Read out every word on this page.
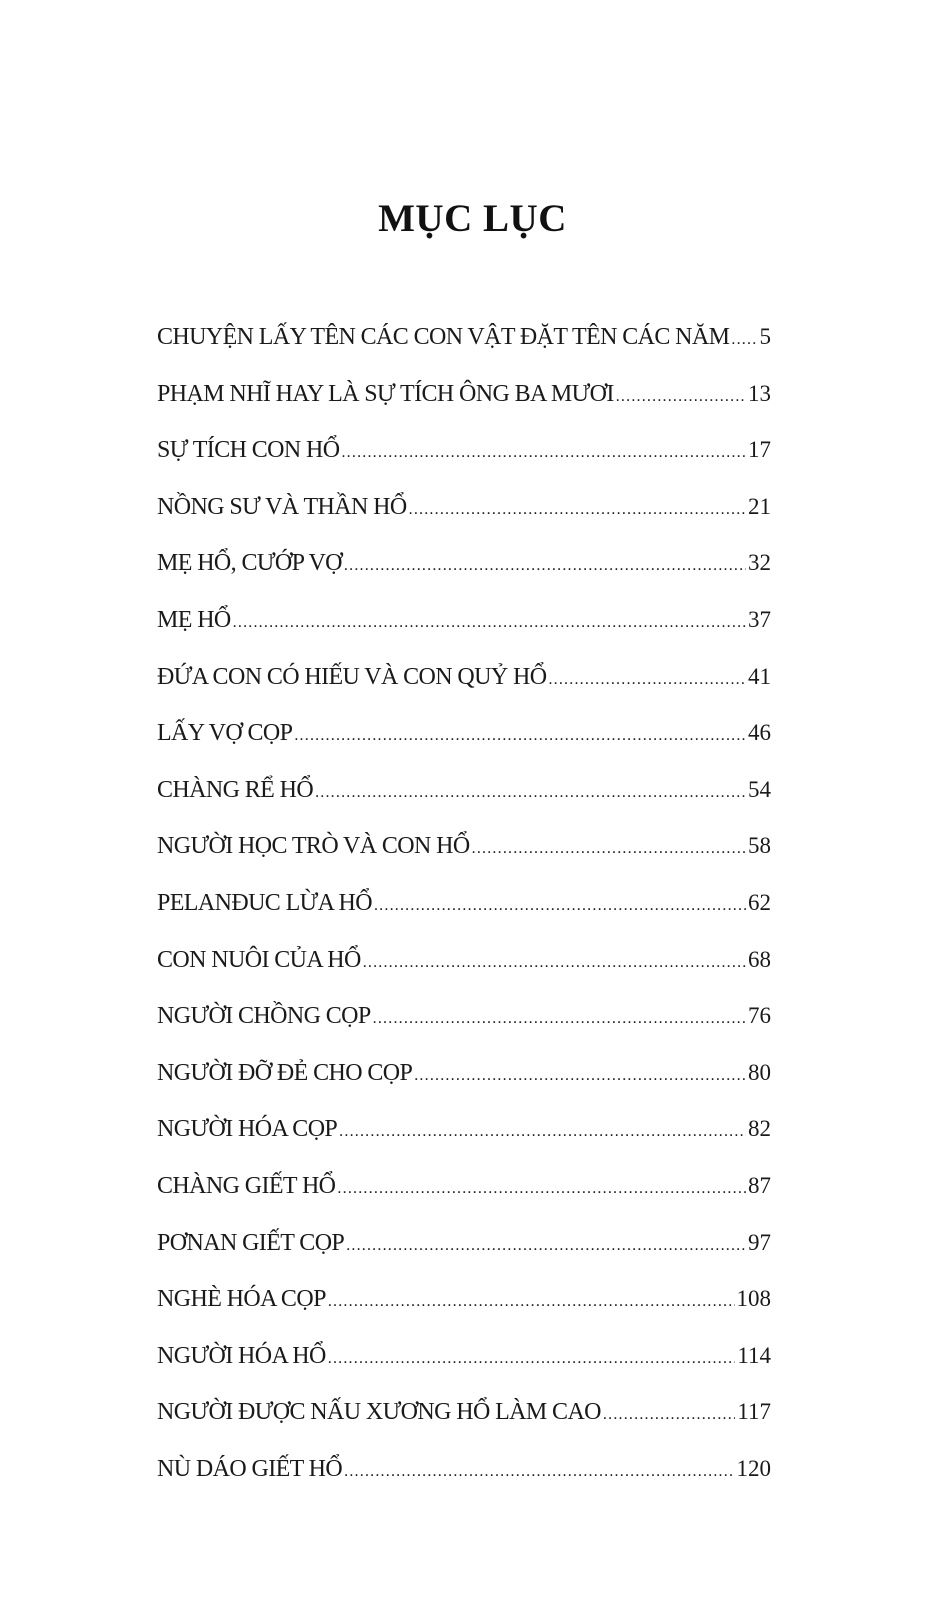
MỤC LỤC
CHUYỆN LẤY TÊN CÁC CON VẬT ĐẶT TÊN CÁC NĂM ..... 5
PHẠM NHĨ HAY LÀ SỰ TÍCH ÔNG BA MƯƠI .....	13
SỰ TÍCH CON HỔ .....	17
NỒNG SƯ VÀ THẦN HỔ .....	21
MẸ HỔ, CƯỚP VỢ .....	32
MẸ HỔ .....	37
ĐỨA CON CÓ HIẾU VÀ CON QUỶ HỔ .....	41
LẤY VỢ CỌP .....	46
CHÀNG RỂ HỔ .....	54
NGƯỜI HỌC TRÒ VÀ CON HỔ .....	58
PELANĐUC LỪA HỔ .....	62
CON NUÔI CỦA HỔ .....	68
NGƯỜI CHỒNG CỌP .....	76
NGƯỜI ĐỠ ĐẺ CHO CỌP .....	80
NGƯỜI HÓA CỌP .....	82
CHÀNG GIẾT HỔ .....	87
PƠNAN GIẾT CỌP .....	97
NGHÈ HÓA CỌP .....	108
NGƯỜI HÓA HỔ .....	114
NGƯỜI ĐƯỢC NẤU XƯƠNG HỔ LÀM CAO .....	117
NÙ DÁO GIẾT HỔ .....	120
